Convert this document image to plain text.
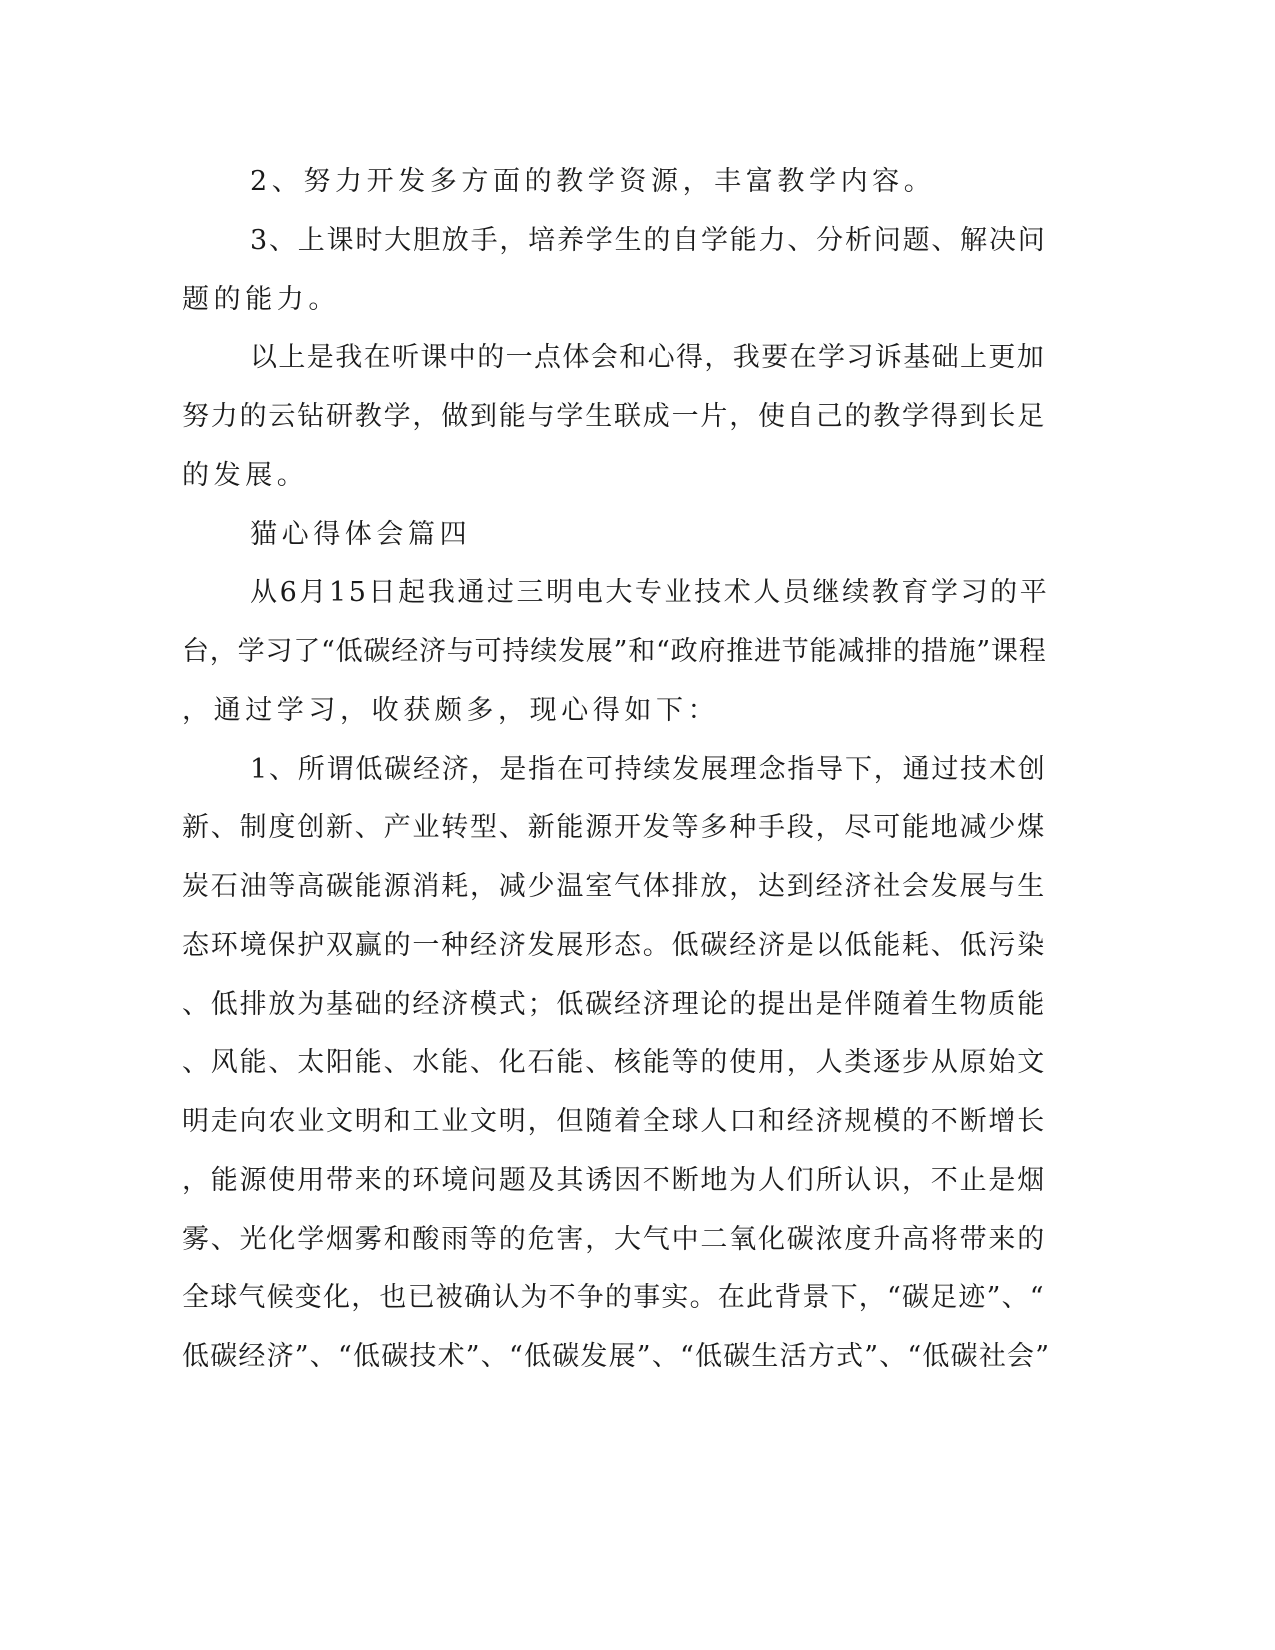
2、努力开发多方面的教学资源，丰富教学内容。
3、上课时大胆放手，培养学生的自学能力、分析问题、解决问
题的能力。
以上是我在听课中的一点体会和心得，我要在学习诉基础上更加
努力的云钻研教学，做到能与学生联成一片，使自己的教学得到长足
的发展。
猫心得体会篇四
从6月15日起我通过三明电大专业技术人员继续教育学习的平
台，学习了“低碳经济与可持续发展”和“政府推进节能减排的措施”课程
，通过学习，收获颇多，现心得如下：
1、所谓低碳经济，是指在可持续发展理念指导下，通过技术创
新、制度创新、产业转型、新能源开发等多种手段，尽可能地减少煤
炭石油等高碳能源消耗，减少温室气体排放，达到经济社会发展与生
态环境保护双赢的一种经济发展形态。低碳经济是以低能耗、低污染
、低排放为基础的经济模式；低碳经济理论的提出是伴随着生物质能
、风能、太阳能、水能、化石能、核能等的使用，人类逐步从原始文
明走向农业文明和工业文明，但随着全球人口和经济规模的不断增长
，能源使用带来的环境问题及其诱因不断地为人们所认识，不止是烟
雾、光化学烟雾和酸雨等的危害，大气中二氧化碳浓度升高将带来的
全球气候变化，也已被确认为不争的事实。在此背景下，“碳足迹”、“
低碳经济”、“低碳技术”、“低碳发展”、“低碳生活方式”、“低碳社会”
